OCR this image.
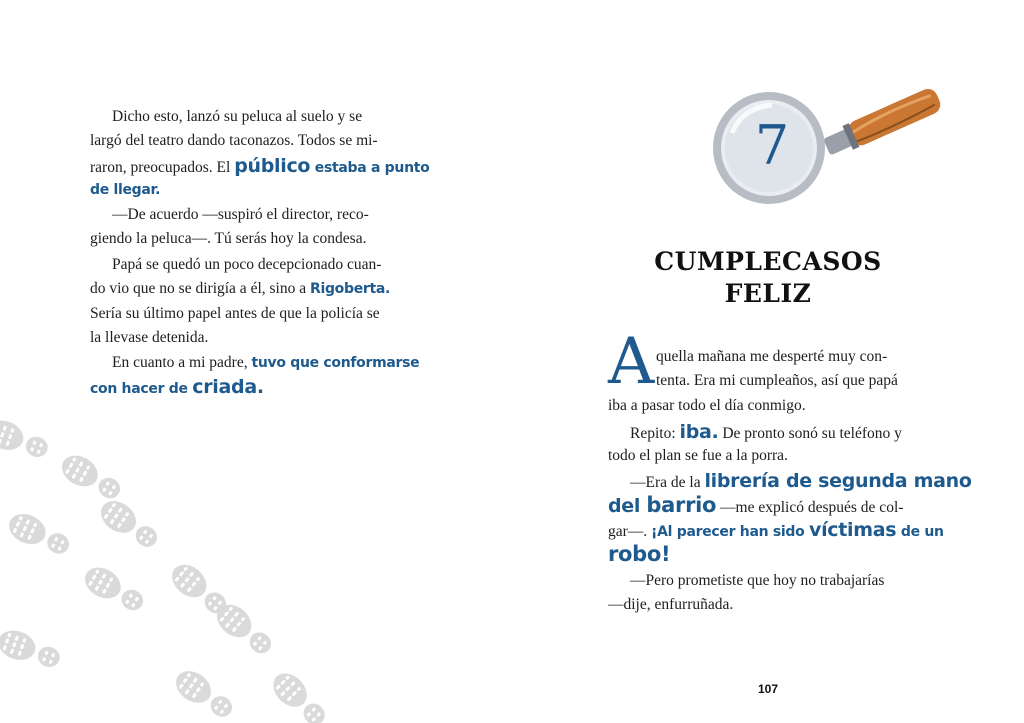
Dicho esto, lanzó su peluca al suelo y se
largó del teatro dando taconazos. Todos se mi-
raron, preocupados. El público estaba a punto
de llegar.

—De acuerdo —suspiró el director, reco-
giendo la peluca—. Tú serás hoy la condesa.

Papá se quedó un poco decepcionado cuan-
do vio que no se dirigía a él, sino a Rigoberta.
Sería su último papel antes de que la policía se
la llevase detenida.

En cuanto a mi padre, tuvo que conformarse
con hacer de criada.

7
CUMPLECASOS
FELIZ
A quella mañana me desperté muy con-
tenta. Era mi cumpleaños, así que papá
iba a pasar todo el día conmigo.

Repito: iba. De pronto sonó su teléfono y
todo el plan se fue a la porra.

—Era de la librería de segunda mano
del barrio —me explicó después de col-
gar—. ¡Al parecer han sido víctimas de un
robo!

—Pero prometiste que hoy no trabajarías
—dije, enfurruñada.

107
